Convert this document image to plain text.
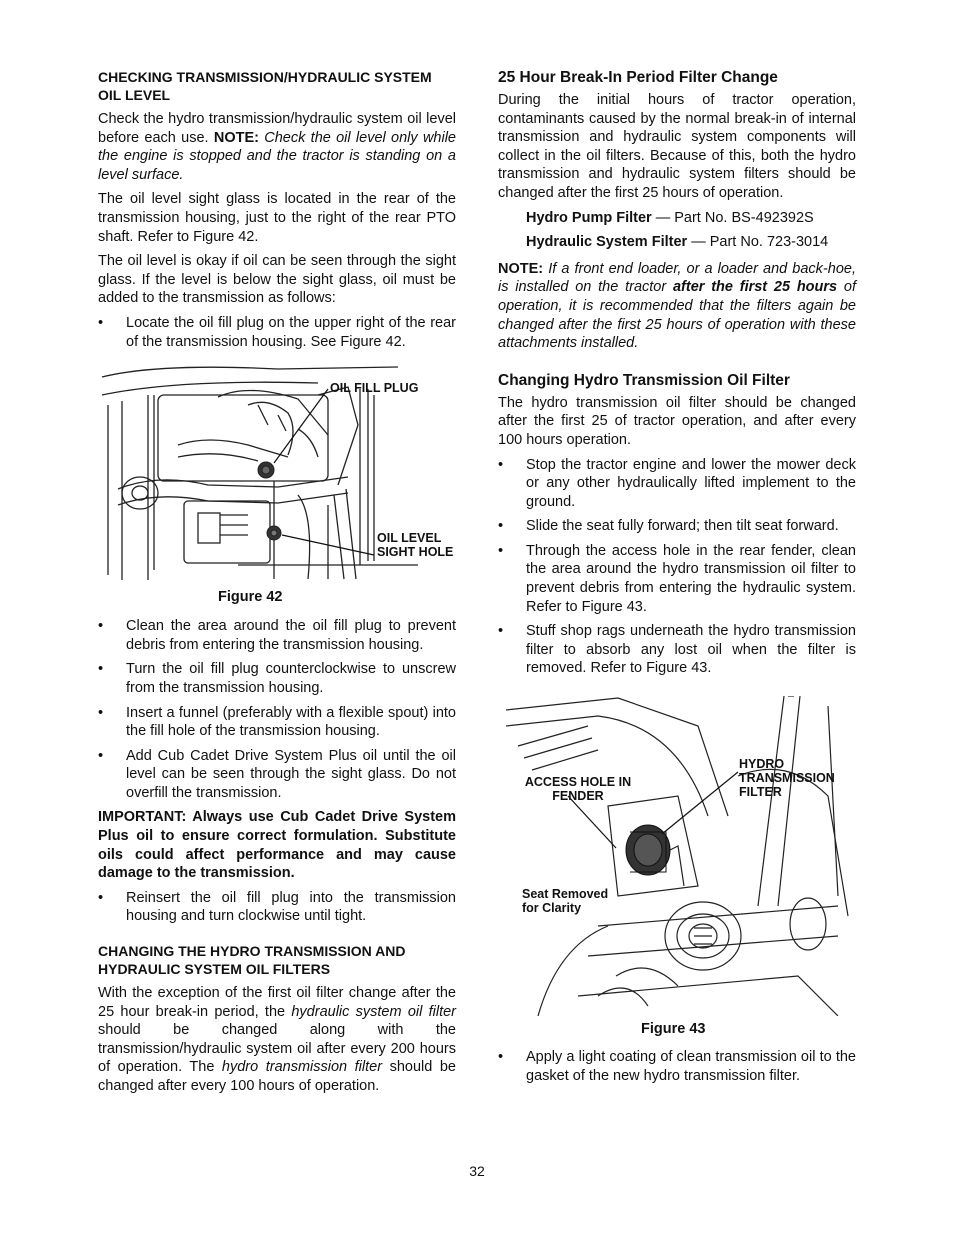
CHECKING TRANSMISSION/HYDRAULIC SYSTEM OIL LEVEL

Check the hydro transmission/hydraulic system oil level before each use. NOTE: Check the oil level only while the engine is stopped and the tractor is standing on a level surface.

The oil level sight glass is located in the rear of the transmission housing, just to the right of the rear PTO shaft. Refer to Figure 42.

The oil level is okay if oil can be seen through the sight glass. If the level is below the sight glass, oil must be added to the transmission as follows:

• Locate the oil fill plug on the upper right of the rear of the transmission housing. See Figure 42.

OIL FILL PLUG
OIL LEVEL SIGHT HOLE
Figure 42

• Clean the area around the oil fill plug to prevent debris from entering the transmission housing.

• Turn the oil fill plug counterclockwise to unscrew from the transmission housing.

• Insert a funnel (preferably with a flexible spout) into the fill hole of the transmission housing.

• Add Cub Cadet Drive System Plus oil until the oil level can be seen through the sight glass. Do not overfill the transmission.

IMPORTANT: Always use Cub Cadet Drive System Plus oil to ensure correct formulation. Substitute oils could affect performance and may cause damage to the transmission.

• Reinsert the oil fill plug into the transmission housing and turn clockwise until tight.

CHANGING THE HYDRO TRANSMISSION AND HYDRAULIC SYSTEM OIL FILTERS

With the exception of the first oil filter change after the 25 hour break-in period, the hydraulic system oil filter should be changed along with the transmission/hydraulic system oil after every 200 hours of operation. The hydro transmission filter should be changed after every 100 hours of operation.

25 Hour Break-In Period Filter Change

During the initial hours of tractor operation, contaminants caused by the normal break-in of internal transmission and hydraulic system components will collect in the oil filters. Because of this, both the hydro transmission and hydraulic system filters should be changed after the first 25 hours of operation.

Hydro Pump Filter — Part No. BS-492392S
Hydraulic System Filter — Part No. 723-3014

NOTE: If a front end loader, or a loader and back-hoe, is installed on the tractor after the first 25 hours of operation, it is recommended that the filters again be changed after the first 25 hours of operation with these attachments installed.

Changing Hydro Transmission Oil Filter

The hydro transmission oil filter should be changed after the first 25 of tractor operation, and after every 100 hours operation.

• Stop the tractor engine and lower the mower deck or any other hydraulically lifted implement to the ground.

• Slide the seat fully forward; then tilt seat forward.

• Through the access hole in the rear fender, clean the area around the hydro transmission oil filter to prevent debris from entering the hydraulic system. Refer to Figure 43.

• Stuff shop rags underneath the hydro transmission filter to absorb any lost oil when the filter is removed. Refer to Figure 43.

ACCESS HOLE IN FENDER
HYDRO TRANSMISSION FILTER
Seat Removed for Clarity
Figure 43

• Apply a light coating of clean transmission oil to the gasket of the new hydro transmission filter.

32
